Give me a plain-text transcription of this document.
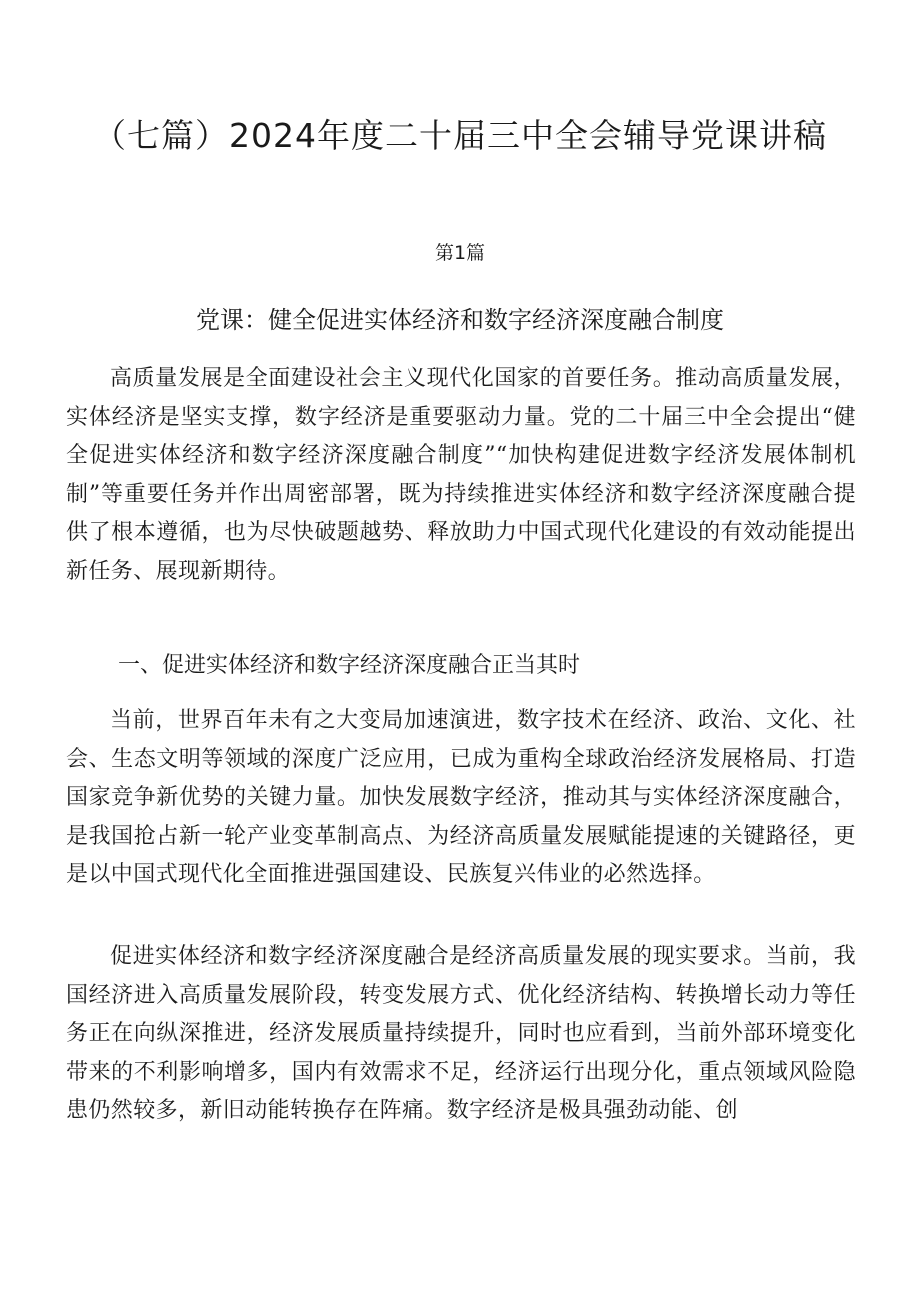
（七篇）2024年度二十届三中全会辅导党课讲稿
第1篇
党课：健全促进实体经济和数字经济深度融合制度

高质量发展是全面建设社会主义现代化国家的首要任务。推动高质量发展，实体经济是坚实支撑，数字经济是重要驱动力量。党的二十届三中全会提出“健全促进实体经济和数字经济深度融合制度”“加快构建促进数字经济发展体制机制”等重要任务并作出周密部署，既为持续推进实体经济和数字经济深度融合提供了根本遵循，也为尽快破题越势、释放助力中国式现代化建设的有效动能提出新任务、展现新期待。

一、促进实体经济和数字经济深度融合正当其时

当前，世界百年未有之大变局加速演进，数字技术在经济、政治、文化、社会、生态文明等领域的深度广泛应用，已成为重构全球政治经济发展格局、打造国家竞争新优势的关键力量。加快发展数字经济，推动其与实体经济深度融合，是我国抢占新一轮产业变革制高点、为经济高质量发展赋能提速的关键路径，更是以中国式现代化全面推进强国建设、民族复兴伟业的必然选择。

促进实体经济和数字经济深度融合是经济高质量发展的现实要求。当前，我国经济进入高质量发展阶段，转变发展方式、优化经济结构、转换增长动力等任务正在向纵深推进，经济发展质量持续提升，同时也应看到，当前外部环境变化带来的不利影响增多，国内有效需求不足，经济运行出现分化，重点领域风险隐患仍然较多，新旧动能转换存在阵痛。数字经济是极具强劲动能、创
